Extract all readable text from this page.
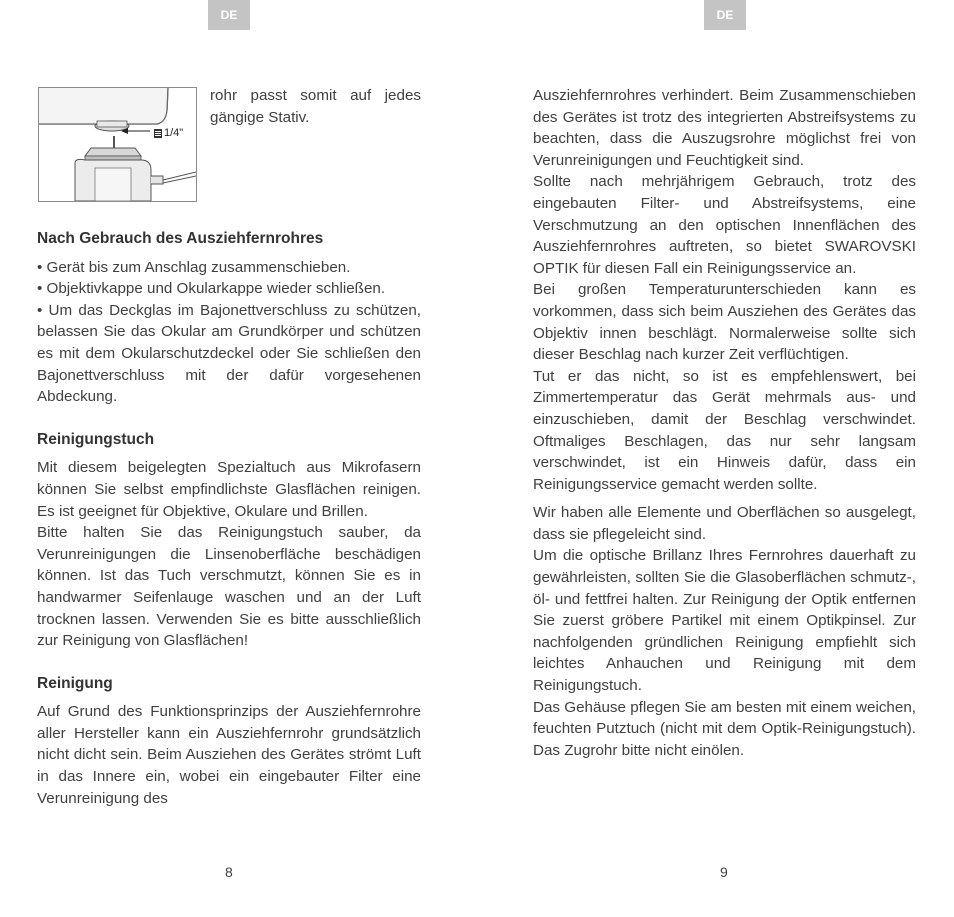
DE	DE
1/4"
rohr passt somit auf jedes gängige Stativ.
Nach Gebrauch des Ausziehfernrohres
• Gerät bis zum Anschlag zusammenschieben.
• Objektivkappe und Okularkappe wieder schließen.
• Um das Deckglas im Bajonettverschluss zu schützen, belassen Sie das Okular am Grundkörper und schützen es mit dem Okularschutzdeckel oder Sie schließen den Bajonettverschluss mit der dafür vorgesehenen Abdeckung.
Reinigungstuch

Mit diesem beigelegten Spezialtuch aus Mikrofasern können Sie selbst empfindlichste Glasflächen reinigen. Es ist geeignet für Objektive, Okulare und Brillen.

Bitte halten Sie das Reinigungstuch sauber, da Verunreinigungen die Linsenoberfläche beschädigen können. Ist das Tuch verschmutzt, können Sie es in handwarmer Seifenlauge waschen und an der Luft trocknen lassen. Verwenden Sie es bitte ausschließlich zur Reinigung von Glasflächen!

Reinigung

Auf Grund des Funktionsprinzips der Ausziehfernrohre aller Hersteller kann ein Ausziehfernrohr grundsätzlich nicht dicht sein. Beim Ausziehen des Gerätes strömt Luft in das Innere ein, wobei ein eingebauter Filter eine Verunreinigung des

Ausziehfernrohres verhindert. Beim Zusammenschieben des Gerätes ist trotz des integrierten Abstreifsystems zu beachten, dass die Auszugsrohre möglichst frei von Verunreinigungen und Feuchtigkeit sind.

Sollte nach mehrjährigem Gebrauch, trotz des eingebauten Filter- und Abstreifsystems, eine Verschmutzung an den optischen Innenflächen des Ausziehfernrohres auftreten, so bietet SWAROVSKI OPTIK für diesen Fall ein Reinigungsservice an.

Bei großen Temperaturunterschieden kann es vorkommen, dass sich beim Ausziehen des Gerätes das Objektiv innen beschlägt. Normalerweise sollte sich dieser Beschlag nach kurzer Zeit verflüchtigen.

Tut er das nicht, so ist es empfehlenswert, bei Zimmertemperatur das Gerät mehrmals aus- und einzuschieben, damit der Beschlag verschwindet. Oftmaliges Beschlagen, das nur sehr langsam verschwindet, ist ein Hinweis dafür, dass ein Reinigungsservice gemacht werden sollte.

Wir haben alle Elemente und Oberflächen so ausgelegt, dass sie pflegeleicht sind.

Um die optische Brillanz Ihres Fernrohres dauerhaft zu gewährleisten, sollten Sie die Glasoberflächen schmutz-, öl- und fettfrei halten. Zur Reinigung der Optik entfernen Sie zuerst gröbere Partikel mit einem Optikpinsel. Zur nachfolgenden gründlichen Reinigung empfiehlt sich leichtes Anhauchen und Reinigung mit dem Reinigungstuch.

Das Gehäuse pflegen Sie am besten mit einem weichen, feuchten Putztuch (nicht mit dem Optik-Reinigungstuch). Das Zugrohr bitte nicht einölen.

8	9
